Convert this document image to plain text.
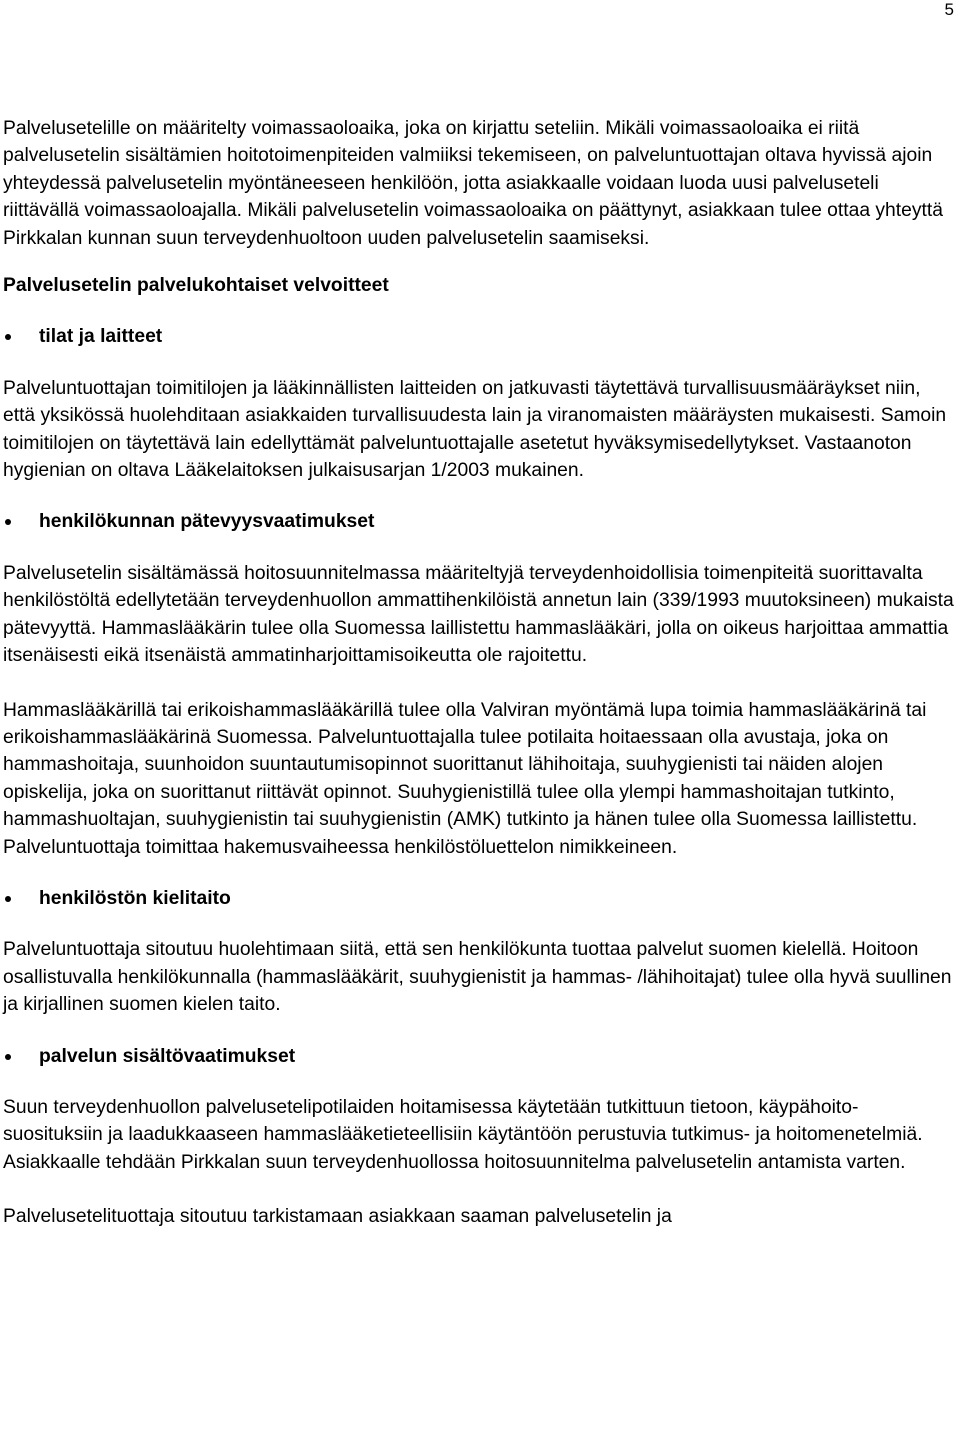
5

Palvelusetelille on määritelty voimassaoloaika, joka on kirjattu seteliin. Mikäli voimassaoloaika ei riitä palvelusetelin sisältämien hoitotoimenpiteiden valmiiksi tekemiseen, on palveluntuottajan oltava hyvissä ajoin yhteydessä palvelusetelin myöntäneeseen henkilöön, jotta asiakkaalle voidaan luoda uusi palveluseteli riittävällä voimassaoloajalla. Mikäli palvelusetelin voimassaoloaika on päättynyt, asiakkaan tulee ottaa yhteyttä Pirkkalan kunnan suun terveydenhuoltoon uuden palvelusetelin saamiseksi.

Palvelusetelin palvelukohtaiset velvoitteet

tilat ja laitteet

Palveluntuottajan toimitilojen ja lääkinnällisten laitteiden on jatkuvasti täytettävä turvallisuusmääräykset niin, että yksikössä huolehditaan asiakkaiden turvallisuudesta lain ja viranomaisten määräysten mukaisesti. Samoin toimitilojen on täytettävä lain edellyttämät palveluntuottajalle asetetut hyväksymisedellytykset. Vastaanoton hygienian on oltava Lääkelaitoksen julkaisusarjan 1/2003 mukainen.

henkilökunnan pätevyysvaatimukset

Palvelusetelin sisältämässä hoitosuunnitelmassa määriteltyjä terveydenhoidollisia toimenpiteitä suorittavalta henkilöstöltä edellytetään terveydenhuollon ammattihenkilöistä annetun lain (339/1993 muutoksineen) mukaista pätevyyttä. Hammaslääkärin tulee olla Suomessa laillistettu hammaslääkäri, jolla on oikeus harjoittaa ammattia itsenäisesti eikä itsenäistä ammatinharjoittamisoikeutta ole rajoitettu.

Hammaslääkärillä tai erikoishammaslääkärillä tulee olla Valviran myöntämä lupa toimia hammaslääkärinä tai erikoishammaslääkärinä Suomessa. Palveluntuottajalla tulee potilaita hoitaessaan olla avustaja, joka on hammashoitaja, suunhoidon suuntautumisopinnot suorittanut lähihoitaja, suuhygienisti tai näiden alojen opiskelija, joka on suorittanut riittävät opinnot. Suuhygienistillä tulee olla ylempi hammashoitajan tutkinto, hammashuoltajan, suuhygienistin tai suuhygienistin (AMK) tutkinto ja hänen tulee olla Suomessa laillistettu. Palveluntuottaja toimittaa hakemusvaiheessa henkilöstöluettelon nimikkeineen.

henkilöstön kielitaito

Palveluntuottaja sitoutuu huolehtimaan siitä, että sen henkilökunta tuottaa palvelut suomen kielellä. Hoitoon osallistuvalla henkilökunnalla (hammaslääkärit, suuhygienistit ja hammas- /lähihoitajat) tulee olla hyvä suullinen ja kirjallinen suomen kielen taito.

palvelun sisältövaatimukset

Suun terveydenhuollon palvelusetelipotilaiden hoitamisessa käytetään tutkittuun tietoon, käypähoito-suosituksiin ja laadukkaaseen hammaslääketieteellisiin käytäntöön perustuvia tutkimus- ja hoitomenetelmiä. Asiakkaalle tehdään Pirkkalan suun terveydenhuollossa hoitosuunnitelma palvelusetelin antamista varten.

Palvelusetelituottaja sitoutuu tarkistamaan asiakkaan saaman palvelusetelin ja
